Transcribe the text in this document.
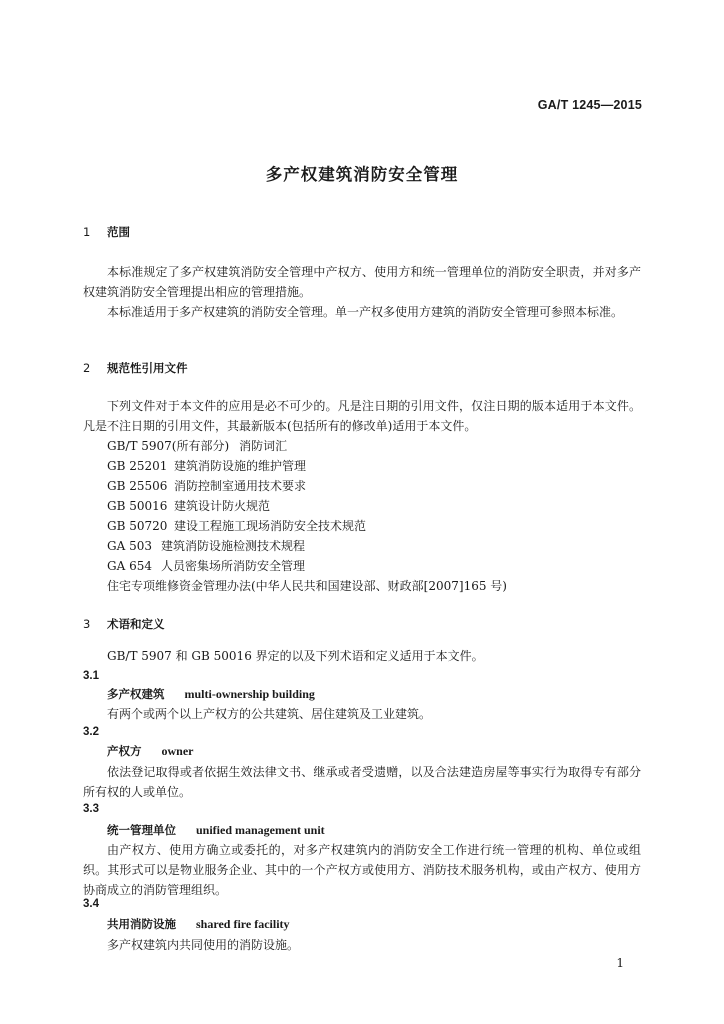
GA/T 1245—2015
多产权建筑消防安全管理
1 范围
本标准规定了多产权建筑消防安全管理中产权方、使用方和统一管理单位的消防安全职责，并对多产权建筑消防安全管理提出相应的管理措施。
本标准适用于多产权建筑的消防安全管理。单一产权多使用方建筑的消防安全管理可参照本标准。
2 规范性引用文件
下列文件对于本文件的应用是必不可少的。凡是注日期的引用文件，仅注日期的版本适用于本文件。凡是不注日期的引用文件，其最新版本(包括所有的修改单)适用于本文件。
GB/T 5907(所有部分) 消防词汇
GB 25201 建筑消防设施的维护管理
GB 25506 消防控制室通用技术要求
GB 50016 建筑设计防火规范
GB 50720 建设工程施工现场消防安全技术规范
GA 503 建筑消防设施检测技术规程
GA 654 人员密集场所消防安全管理
住宅专项维修资金管理办法(中华人民共和国建设部、财政部[2007]165 号)
3 术语和定义
GB/T 5907 和 GB 50016 界定的以及下列术语和定义适用于本文件。
3.1
多产权建筑 multi-ownership building
有两个或两个以上产权方的公共建筑、居住建筑及工业建筑。
3.2
产权方 owner
依法登记取得或者依据生效法律文书、继承或者受遗赠，以及合法建造房屋等事实行为取得专有部分所有权的人或单位。
3.3
统一管理单位 unified management unit
由产权方、使用方确立或委托的，对多产权建筑内的消防安全工作进行统一管理的机构、单位或组织。其形式可以是物业服务企业、其中的一个产权方或使用方、消防技术服务机构，或由产权方、使用方协商成立的消防管理组织。
3.4
共用消防设施 shared fire facility
多产权建筑内共同使用的消防设施。
1
